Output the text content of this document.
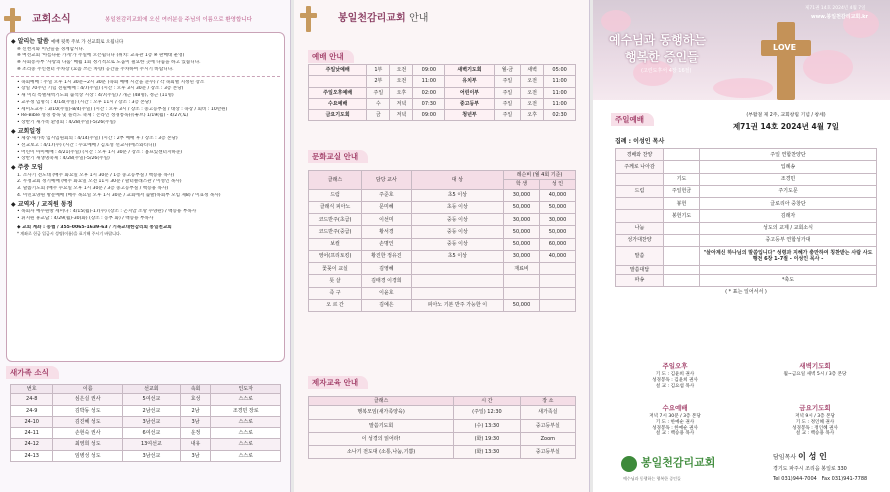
교회소식	봉일천감리교회에 오신 여러분을 주님의 이름으로 환영합니다
◆ 알리는 말씀 예배 뒷쪽 주보 가 선교회로 오됩니다
※ 신천지와 이단들을 경계합시다.
※ 여선교회 '아름다운 가게'가 주일에 오픈됩니다 (위치: 교육관 1층 ※ 판매대 운영)
※ 사회봉사부 '사랑의 나눔' 매월 1회 정기적으로 도움이 필요한 곳에 나눔을 하고 있습니다.
※ 조리중 주인센터 주차장 (요즘 쓰는 차량) 공간을 주차하여 주시기 바랍니다.
• 속회예배 : 주일 오후 1시 30분~2시 30분 (속회 예배 시간을 준수) / 각 속회별 지정된 장소
• 장일 70주년 기념 전필예배 : 4/7(주일) (시간 : 오후 3시 30분 / 장소 : 3층 본당)
• 새 이리 특별새벽기도회 출석상 시상 : 4/7(주일) / 개근 (48명), 정근 (11명)
• 교우정 임명식 : 4/14(주일) (시간 : 오후 11시 / 장소 : 3층 본당)
• 세미도교우 : 3/10(주일)-8/4(주일) (시간 : 오후 3시 / 장소 : 중고등부실 / 대상 : 속장 / 회비 : 10만원)
• Re-Bible 성경 통독 및 플러드 축제 : 온라인 성경통독(유튜브) 1/19(월) - 4/27(토)
• 상반기 새가족 환영회 : 4/28(주일)-5/26(주일)
◆ 교회일정
• 제장·새가족 임시임원회의 : 4/14(주일) (시간 : 2부 예배 후 / 장소 : 3층 본당)
• 선교보고 : 4/17(수) (시간 : 수요예배 / 김호성 선교사(에스와티니))
• 어린이 아이예배 : 4/21(주일) (시간 : 오후 1시 30분 / 장소 : 홈프있센터지하준)
• 상반기 새생명축제 : 4/28(주일)-5/26(주일)
◆ 주중 모임
1. 소사기 전도대 (매주 화요일 오후 1시 30분 / 1층 중고등부실 / 백승용 목사)
2. 두정교회 정기예배 (매주 화요일 오전 11시 30분 / 팔터클래스관 / 이성인 목사)
3. 말씀기도회 (매주 수요일 오후 1시 30분 / 3층 중고등부실 / 백승용 목사)
4. 이민요양원 방문예배 (매주 목요일 오후 1시 30분 / 교회에서 출발(목회부 모임 제8) / 이표정 목사)
◆ 교역자 / 교직원 동정
• 목회자 예수원방 세미나 : 4/15(월)-17(수) (장소 : 곤지암 소망 수양관) / 백승용 부목사
• 휘지원 휴교답 : 4/29(월)-30(화) (장소 : 동부 화) / 백승용 부목사
◆ 교회 계좌 : 농협 / 355-0065-1639-63 / 기독교대한감리회 봉일천교회
* 계좌로 헌금 입금시 성명(이름)을 표기해 주시기 바랍니다.
새가족 소식
번호	이름	선교회	속회	인도자
24-8	심은실 권사	5여선교	효성	스스로
24-9	김박동 성도	2남선교	2남	조경민 장로
24-10	김진혜 성도	3남선교	3남	스스로
24-11	손현숙 권사	6여선교	운정	스스로
24-12	최영희 성도	13여선교	내유	스스로
24-13	임병성 성도	3남선교	3남	스스로
봉일천감리교회 안내
예배 안내
주일낮예배	1부	오전	09:00	새벽기도회	월-금	새벽	05:00
	2부	오전	11:00	유치부	주일	오전	11:00
주일오후예배	주일	오후	02:00	어린이부	주일	오전	11:00
수요예배	수	저녁	07:30	중고등부	주일	오전	11:00
금요기도회	금	저녁	09:00	청년부	주일	오후	02:30
문화교실 안내
클래스	담당 교사	대 상	레슨비 (월 4회 기준)	
			학 생	성 인
드럼	주준호	초5 이상	30,000	40,000
클래식 피아노	문미혜	초등 이상	50,000	50,000
코드반주(초급)	이선미	중등 이상	30,000	30,000
코드반주(중급)	황서경	중등 이상	50,000	50,000
보컬	손명인	중등 이상	50,000	60,000
영어(프리토킹)	황진한 정유진	초5 이상	30,000	40,000
꽃꽂이 교실	김영혜		재료비	
뜻 살	김태경 이경희			
즉 구	이윤호			
오 르 간	김예은	피아노 기본 반주 가능한 이	50,000	
제자교육 안내
클래스	시 간	장 소
행복모임(새가족양육)	(주일) 12:30	새가족실
말씀기도회	(수) 13:30	중고등부실
이 성경의 읽어라!	(화) 19:30	Zoom
소나기 전도대 (소통,나눔,기쁨)	(화) 13:30	중고등부실
제71권 14호 2024년 4월 7일
www.봉일천감리교회.kr
예수님과 동행하는
행복한 증인들
(고린도후서 4장 16절)
LOVE
주일예배	(부활절 제 2주, 교회창립 기념 / 창세)
제71권 14호 2024년 4월 7일
집례 : 이성인 목사
경배와 찬양		주일 연합찬양단
주께로 나아감		입례송
	기도	조경민
드림	주일헌금	주기도문
	봉헌	글로리아 중창단
	봉헌기도	김래자
나눔		성도의 교제 / 교회소식
성가대찬양		중고등부 연합성가대
말씀		"살아계신 하나님의 말씀입니다" 성령과 지혜가 충만하여 칭찬받는 사람 사도행전 6장 1-7절 - 이성인 목사 -
말씀대답		
파송		*축도
( * 표는 일어서서 )
주일오후
기 도 : 김윤희 권사
성경봉독 : 김윤희 권사
설 교 : 김요섭 목사
새벽기도회
월~금요일 새벽 5시 / 3층 본당
수요예배
저녁 7시 30분 / 3층 본당
기 도 : 한예순 권사
성경봉독 : 한예순 권사
설 교 : 백승용 목사
금요기도회
저녁 9시 / 3층 본당
기 도 : 정인혜 권사
성경봉독 : 정인혜 권사
설 교 : 백승용 목사
봉일천감리교회
예수님과 동행하는 행복한 증인들
담임목사 이 성 인
경기도 파주시 조리읍 봉일로 330
Tel 031)944-7004 Fax 031)941-7788
